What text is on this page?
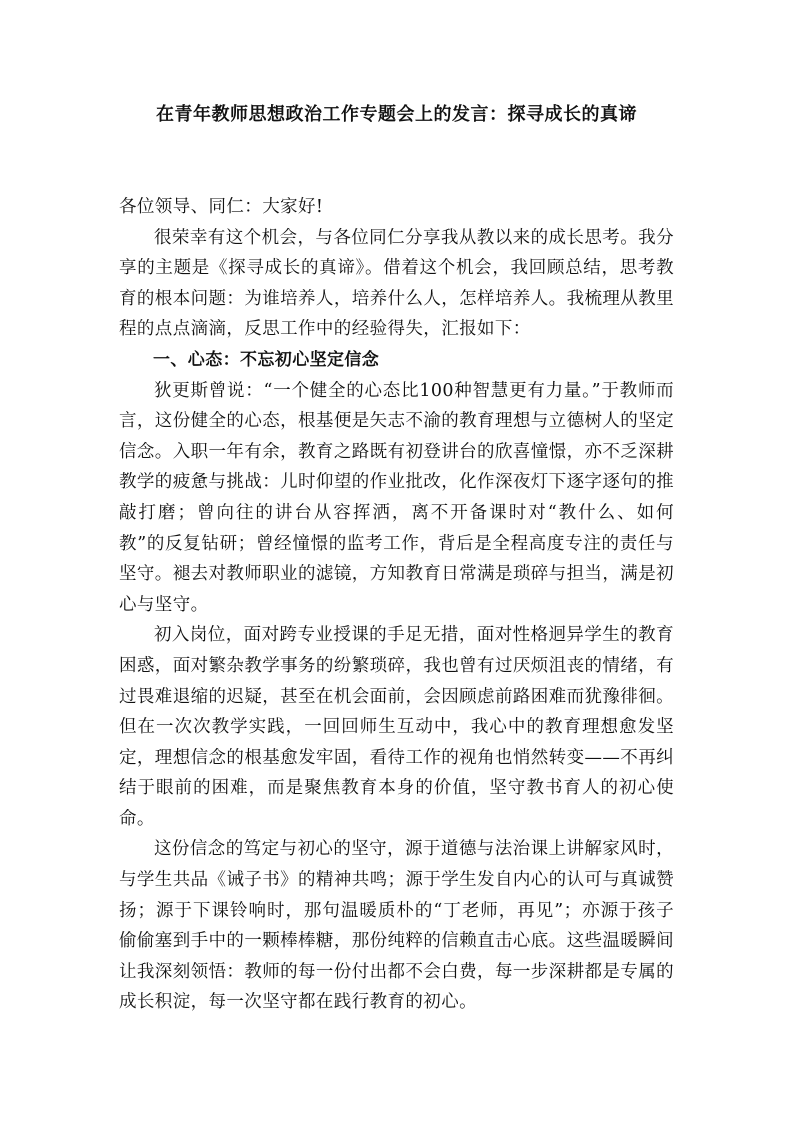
在青年教师思想政治工作专题会上的发言：探寻成长的真谛

各位领导、同仁：大家好!

很荣幸有这个机会，与各位同仁分享我从教以来的成长思考。我分享的主题是《探寻成长的真谛》。借着这个机会，我回顾总结，思考教育的根本问题：为谁培养人，培养什么人，怎样培养人。我梳理从教里程的点点滴滴，反思工作中的经验得失，汇报如下：

一、心态：不忘初心坚定信念

狄更斯曾说：“一个健全的心态比100种智慧更有力量。”于教师而言，这份健全的心态，根基便是矢志不渝的教育理想与立德树人的坚定信念。入职一年有余，教育之路既有初登讲台的欣喜憧憬，亦不乏深耕教学的疲惫与挑战：儿时仰望的作业批改，化作深夜灯下逐字逐句的推敲打磨；曾向往的讲台从容挥洒，离不开备课时对“教什么、如何教”的反复钻研；曾经憧憬的监考工作，背后是全程高度专注的责任与坚守。褪去对教师职业的滤镜，方知教育日常满是琐碎与担当，满是初心与坚守。

初入岗位，面对跨专业授课的手足无措，面对性格迥异学生的教育困惑，面对繁杂教学事务的纷繁琐碎，我也曾有过厌烦沮丧的情绪，有过畏难退缩的迟疑，甚至在机会面前，会因顾虑前路困难而犹豫徘徊。但在一次次教学实践，一回回师生互动中，我心中的教育理想愈发坚定，理想信念的根基愈发牢固，看待工作的视角也悄然转变——不再纠结于眼前的困难，而是聚焦教育本身的价值，坚守教书育人的初心使命。

这份信念的笃定与初心的坚守，源于道德与法治课上讲解家风时，与学生共品《诫子书》的精神共鸣；源于学生发自内心的认可与真诚赞扬；源于下课铃响时，那句温暖质朴的“丁老师，再见”；亦源于孩子偷偷塞到手中的一颗棒棒糖，那份纯粹的信赖直击心底。这些温暖瞬间让我深刻领悟：教师的每一份付出都不会白费，每一步深耕都是专属的成长积淀，每一次坚守都在践行教育的初心。
